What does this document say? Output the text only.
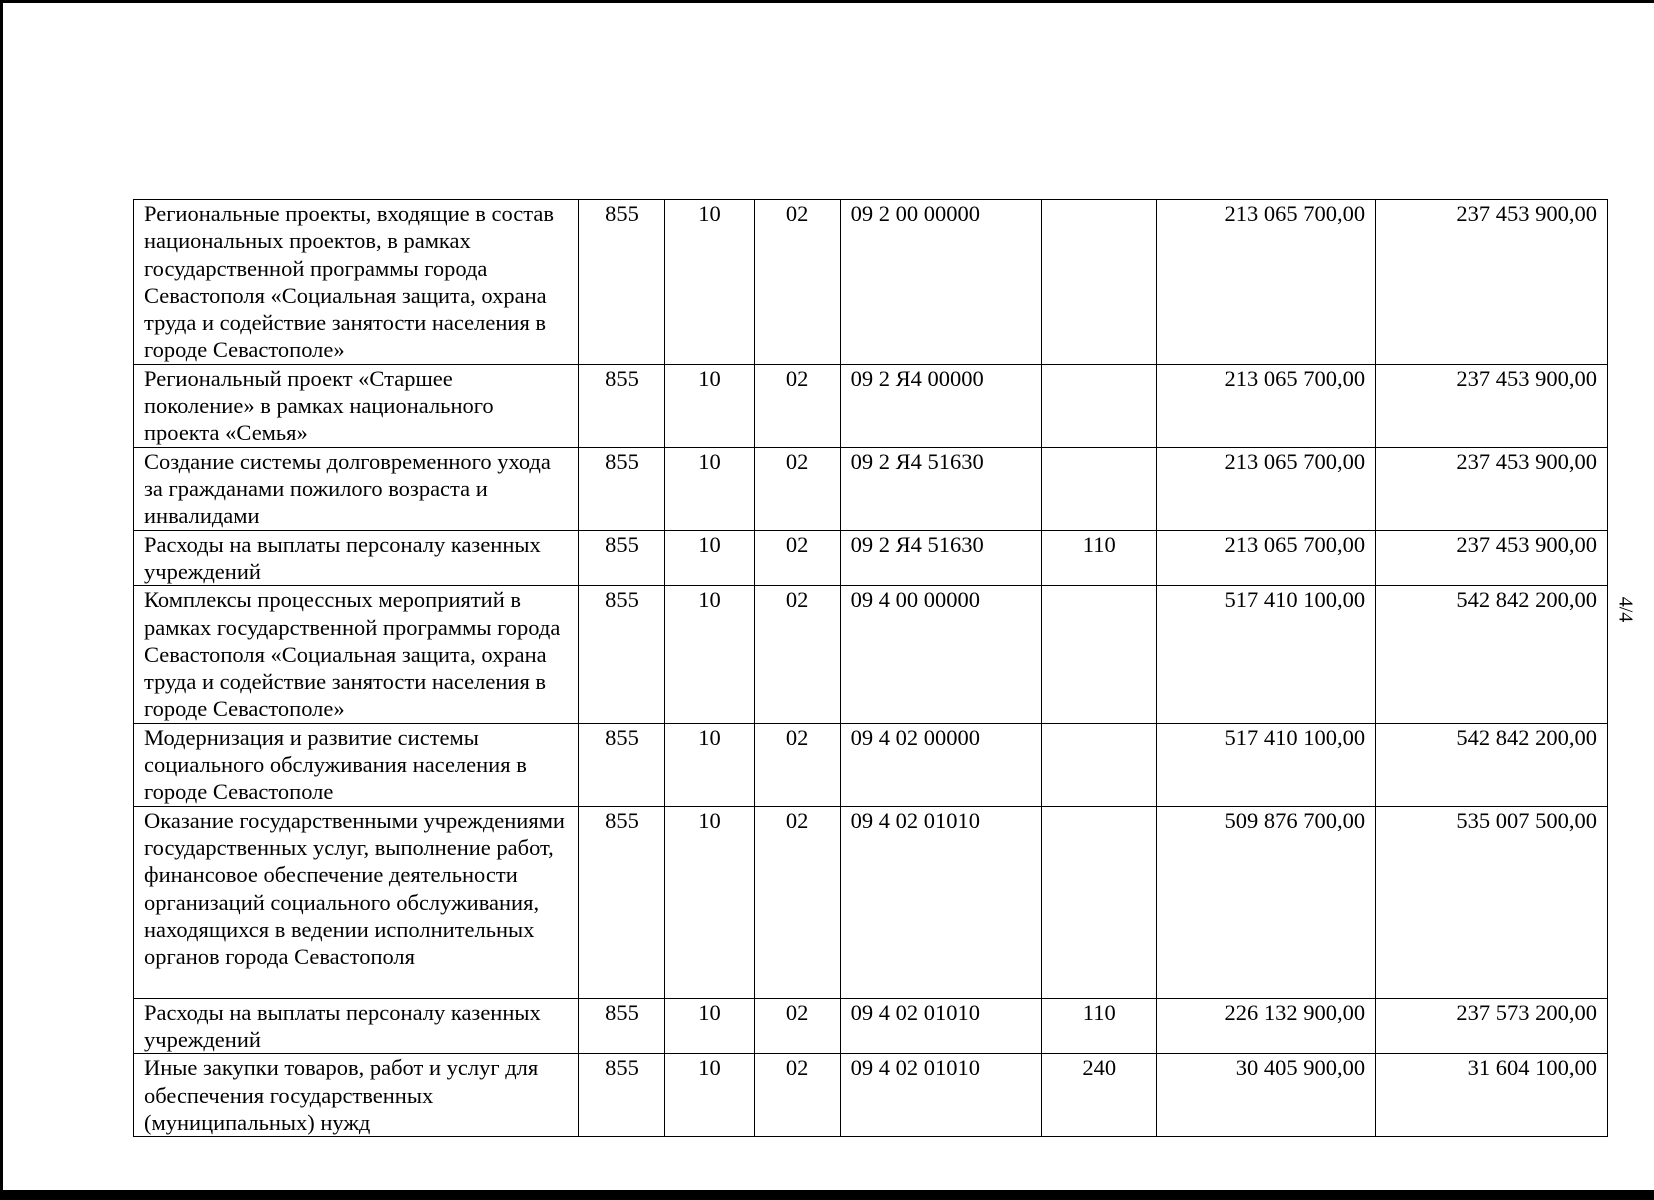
4/4
Региональные проекты, входящие в состав национальных проектов, в рамках государственной программы города Севастополя «Социальная защита, охрана труда и содействие занятости населения в городе Севастополе»	855	10	02	09 2 00 00000		213 065 700,00	237 453 900,00
Региональный проект «Старшее поколение» в рамках национального проекта «Семья»	855	10	02	09 2 Я4 00000		213 065 700,00	237 453 900,00
Создание системы долговременного ухода за гражданами пожилого возраста и инвалидами	855	10	02	09 2 Я4 51630		213 065 700,00	237 453 900,00
Расходы на выплаты персоналу казенных учреждений	855	10	02	09 2 Я4 51630	110	213 065 700,00	237 453 900,00
Комплексы процессных мероприятий в рамках государственной программы города Севастополя «Социальная защита, охрана труда и содействие занятости населения в городе Севастополе»	855	10	02	09 4 00 00000		517 410 100,00	542 842 200,00
Модернизация и развитие системы социального обслуживания населения в городе Севастополе	855	10	02	09 4 02 00000		517 410 100,00	542 842 200,00
Оказание государственными учреждениями государственных услуг, выполнение работ, финансовое обеспечение деятельности организаций социального обслуживания, находящихся в ведении исполнительных органов города Севастополя	855	10	02	09 4 02 01010		509 876 700,00	535 007 500,00
Расходы на выплаты персоналу казенных учреждений	855	10	02	09 4 02 01010	110	226 132 900,00	237 573 200,00
Иные закупки товаров, работ и услуг для обеспечения государственных (муниципальных) нужд	855	10	02	09 4 02 01010	240	30 405 900,00	31 604 100,00
